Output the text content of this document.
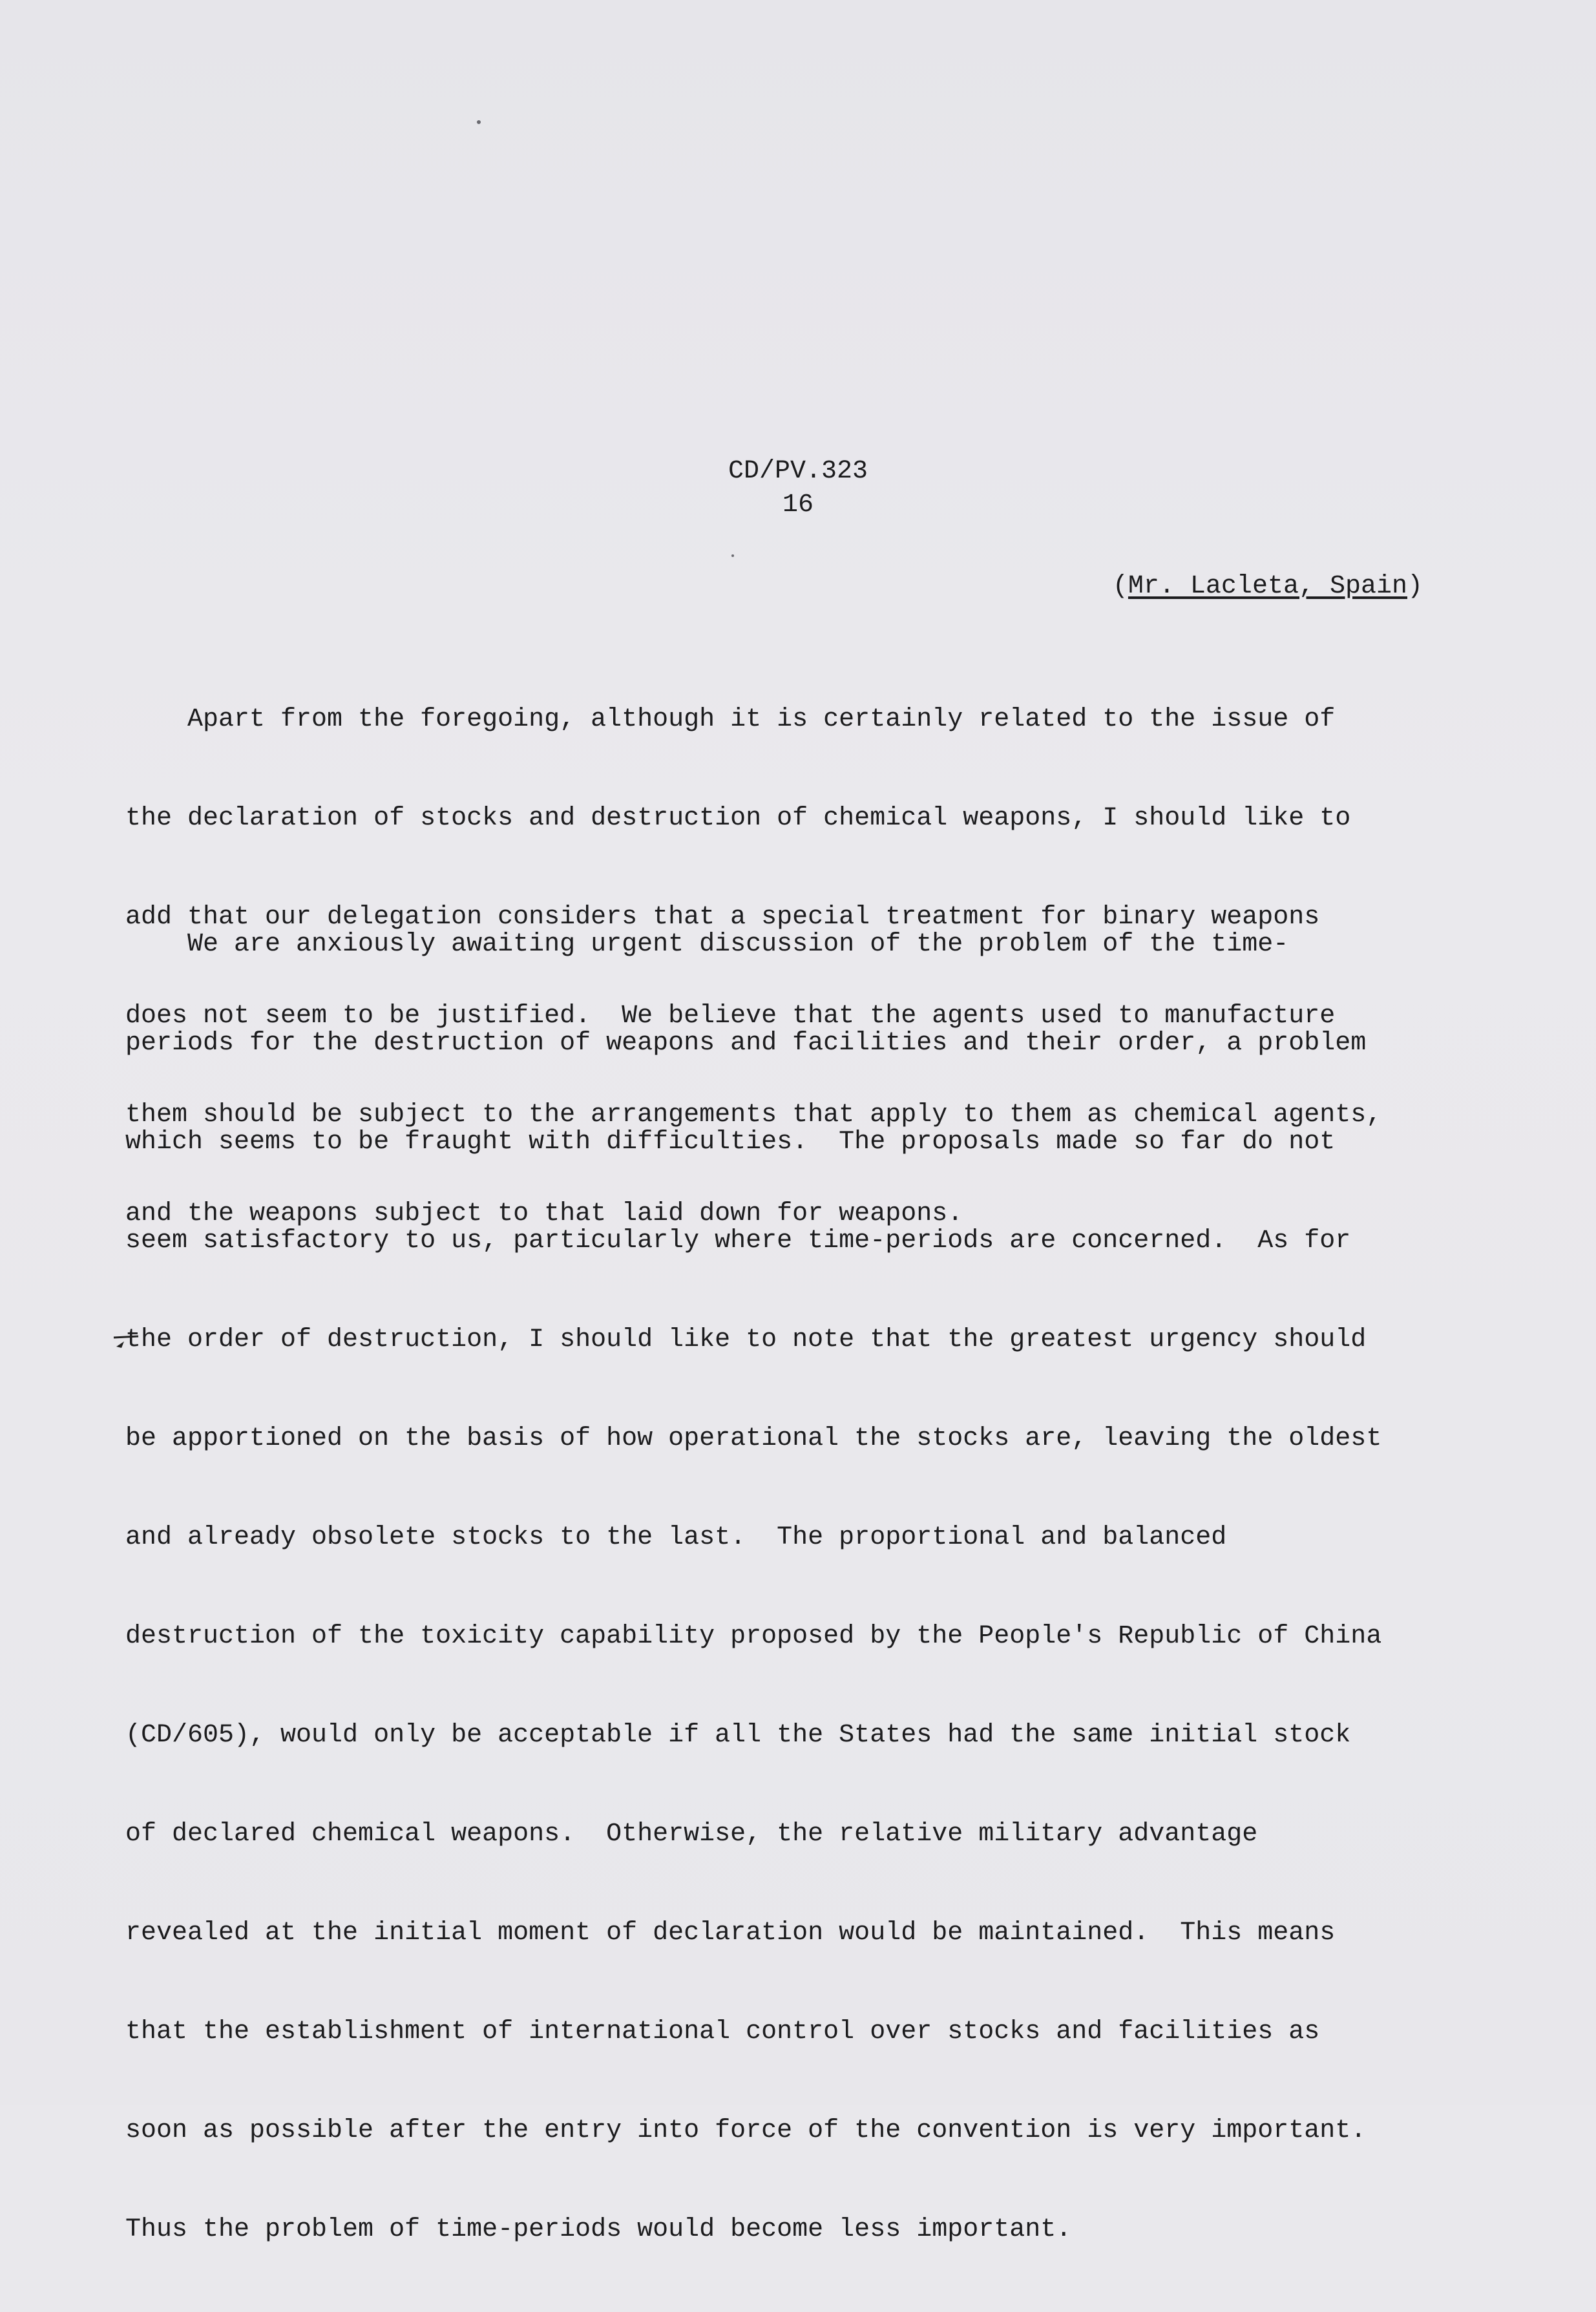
CD/PV.323
16
(Mr. Lacleta, Spain)

Apart from the foregoing, although it is certainly related to the issue of

the declaration of stocks and destruction of chemical weapons, I should like to

add that our delegation considers that a special treatment for binary weapons

does not seem to be justified.  We believe that the agents used to manufacture

them should be subject to the arrangements that apply to them as chemical agents,

and the weapons subject to that laid down for weapons.

We are anxiously awaiting urgent discussion of the problem of the time-

periods for the destruction of weapons and facilities and their order, a problem

which seems to be fraught with difficulties.  The proposals made so far do not

seem satisfactory to us, particularly where time-periods are concerned.  As for

the order of destruction, I should like to note that the greatest urgency should

be apportioned on the basis of how operational the stocks are, leaving the oldest

and already obsolete stocks to the last.  The proportional and balanced

destruction of the toxicity capability proposed by the People's Republic of China

(CD/605), would only be acceptable if all the States had the same initial stock

of declared chemical weapons.  Otherwise, the relative military advantage

revealed at the initial moment of declaration would be maintained.  This means

that the establishment of international control over stocks and facilities as

soon as possible after the entry into force of the convention is very important.

Thus the problem of time-periods would become less important.
